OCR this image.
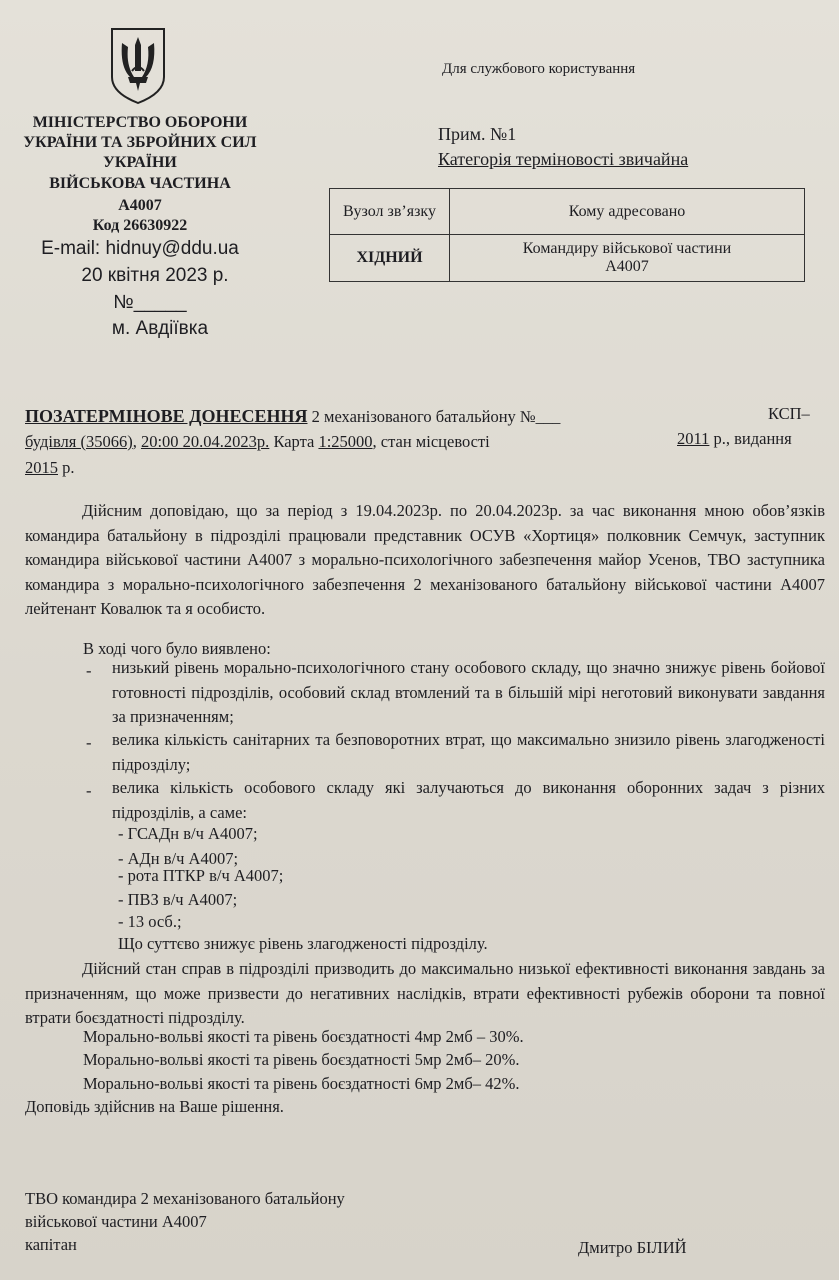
МІНІСТЕРСТВО ОБОРОНИ
УКРАЇНИ ТА ЗБРОЙНИХ СИЛ
УКРАЇНИ
ВІЙСЬКОВА ЧАСТИНА
А4007
Код 26630922
E-mail: hidnuy@ddu.ua
20 квітня 2023 р.
№_____
м. Авдіївка
Для службового користування
Прим. №1
Категорія терміновості звичайна
Вузол зв’язку	Кому адресовано
ХІДНИЙ	Командиру військової частини А4007
ПОЗАТЕРМІНОВЕ ДОНЕСЕННЯ 2 механізованого батальйону №___	КСП–
будівля (35066), 20:00 20.04.2023р. Карта 1:25000, стан місцевості	2011 р., видання
2015 р.

Дійсним доповідаю, що за період з 19.04.2023р. по 20.04.2023р. за час виконання мною обов’язків командира батальйону в підрозділі працювали представник ОСУВ «Хортиця» полковник Семчук, заступник командира військової частини А4007 з морально-психологічного забезпечення майор Усенов, ТВО заступника командира з морально-психологічного забезпечення 2 механізованого батальйону військової частини А4007 лейтенант Ковалюк та я особисто.

В ході чого було виявлено:
- низький рівень морально-психологічного стану особового складу, що значно знижує рівень бойової готовності підрозділів, особовий склад втомлений та в більшій мірі неготовий виконувати завдання за призначенням;

- велика кількість санітарних та безповоротних втрат, що максимально знизило рівень злагодженості підрозділу;

- велика кількість особового складу які залучаються до виконання оборонних задач з різних підрозділів, а саме:

- ГСАДн в/ч А4007;
- АДн в/ч А4007;
- рота ПТКР в/ч А4007;
- ПВЗ в/ч А4007;
- 13 осб.;
Що суттєво знижує рівень злагодженості підрозділу.

Дійсний стан справ в підрозділі призводить до максимально низької ефективності виконання завдань за призначенням, що може призвести до негативних наслідків, втрати ефективності рубежів оборони та повної втрати боєздатності підрозділу.

Морально-вольві якості та рівень боєздатності 4мр 2мб – 30%.
Морально-вольві якості та рівень боєздатності 5мр 2мб– 20%.
Морально-вольві якості та рівень боєздатності 6мр 2мб– 42%.
Доповідь здійснив на Ваше рішення.
ТВО командира 2 механізованого батальйону
військової частини А4007
капітан	Дмитро БІЛИЙ
